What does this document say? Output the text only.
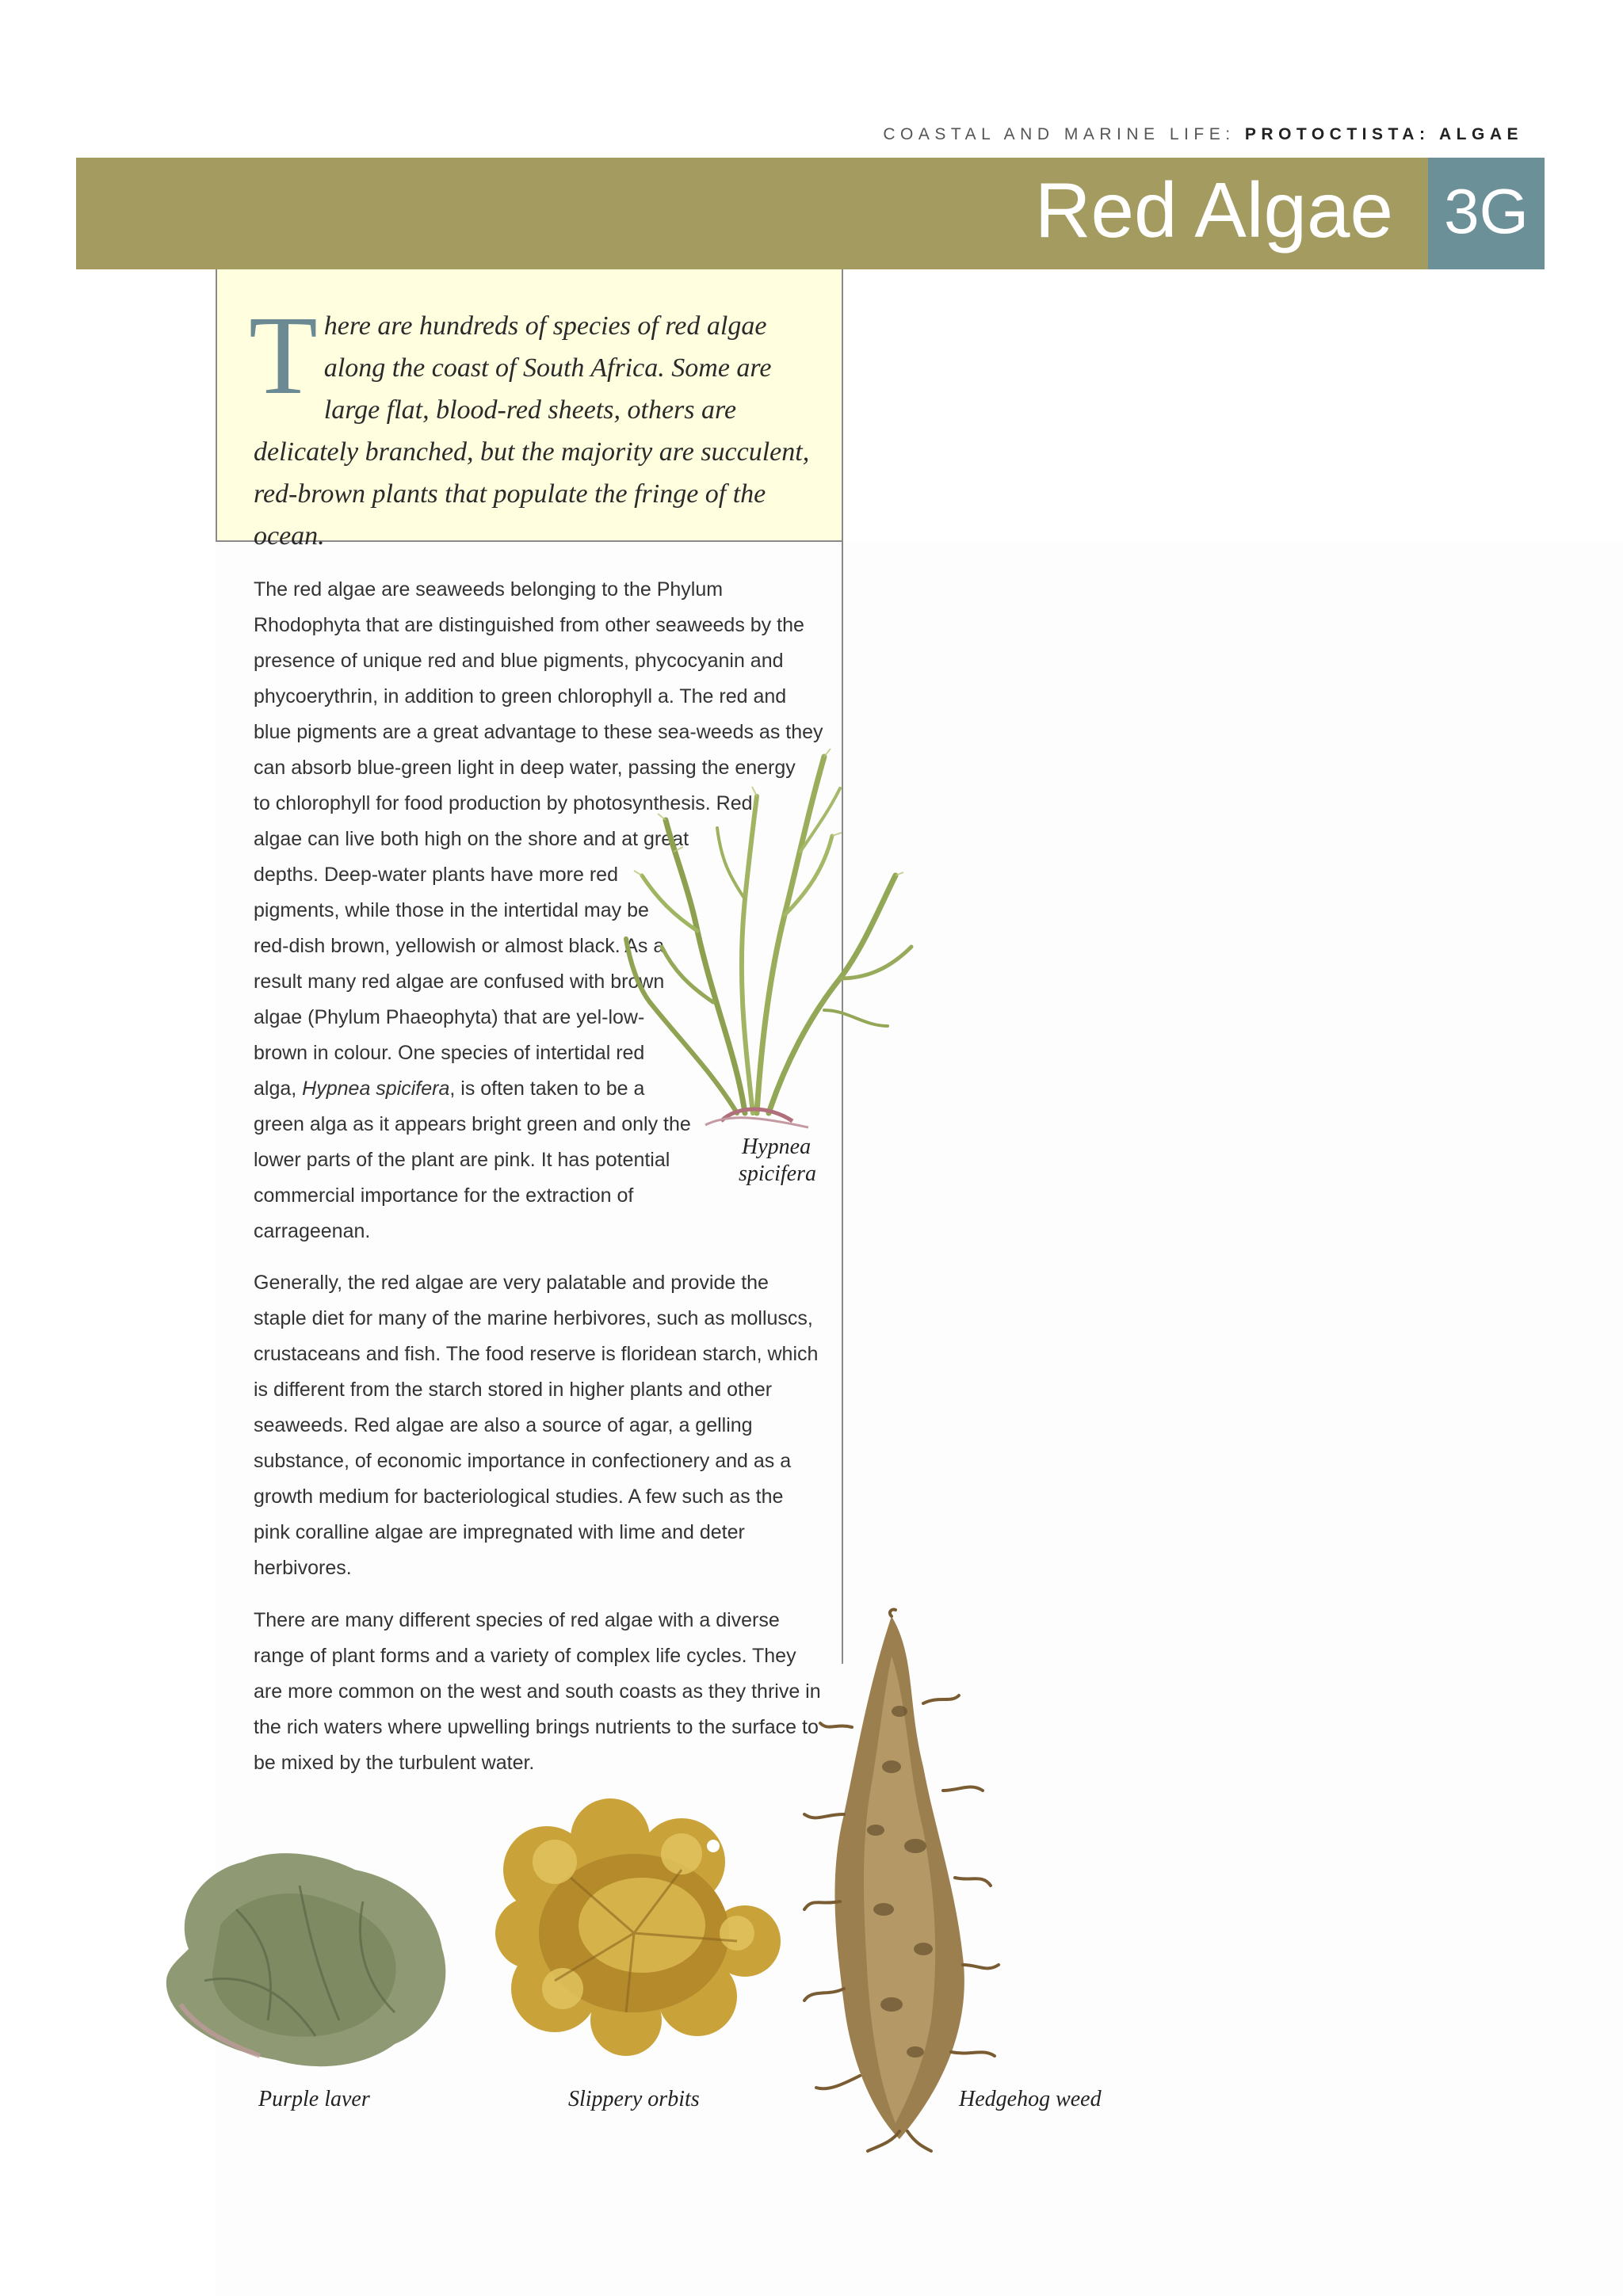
COASTAL AND MARINE LIFE: PROTOCTISTA: ALGAE
Red Algae 3G

There are hundreds of species of red algae along the coast of South Africa. Some are large flat, blood-red sheets, others are delicately branched, but the majority are succulent, red-brown plants that populate the fringe of the ocean.

The red algae are seaweeds belonging to the Phylum Rhodophyta that are distinguished from other seaweeds by the presence of unique red and blue pigments, phycocyanin and phycoerythrin, in addition to green chlorophyll a. The red and blue pigments are a great advantage to these sea-weeds as they can absorb blue-green light in deep water, passing the energy to chlorophyll for food production by photosynthesis. Red algae can live both high on the shore and at great depths. Deep-water plants have more red pigments, while those in the intertidal may be red-dish brown, yellowish or almost black. As a result many red algae are confused with brown algae (Phylum Phaeophyta) that are yel-low-brown in colour. One species of intertidal red alga, Hypnea spicifera, is often taken to be a green alga as it appears bright green and only the lower parts of the plant are pink. It has potential commercial importance for the extraction of carrageenan.

Generally, the red algae are very palatable and provide the staple diet for many of the marine herbivores, such as molluscs, crustaceans and fish. The food reserve is floridean starch, which is different from the starch stored in higher plants and other seaweeds. Red algae are also a source of agar, a gelling substance, of economic importance in confectionery and as a growth medium for bacteriological studies. A few such as the pink coralline algae are impregnated with lime and deter herbivores.

There are many different species of red algae with a diverse range of plant forms and a variety of complex life cycles. They are more common on the west and south coasts as they thrive in the rich waters where upwelling brings nutrients to the surface to be mixed by the turbulent water.

Hypnea
spicifera
Purple laver	Slippery orbits	Hedgehog weed
